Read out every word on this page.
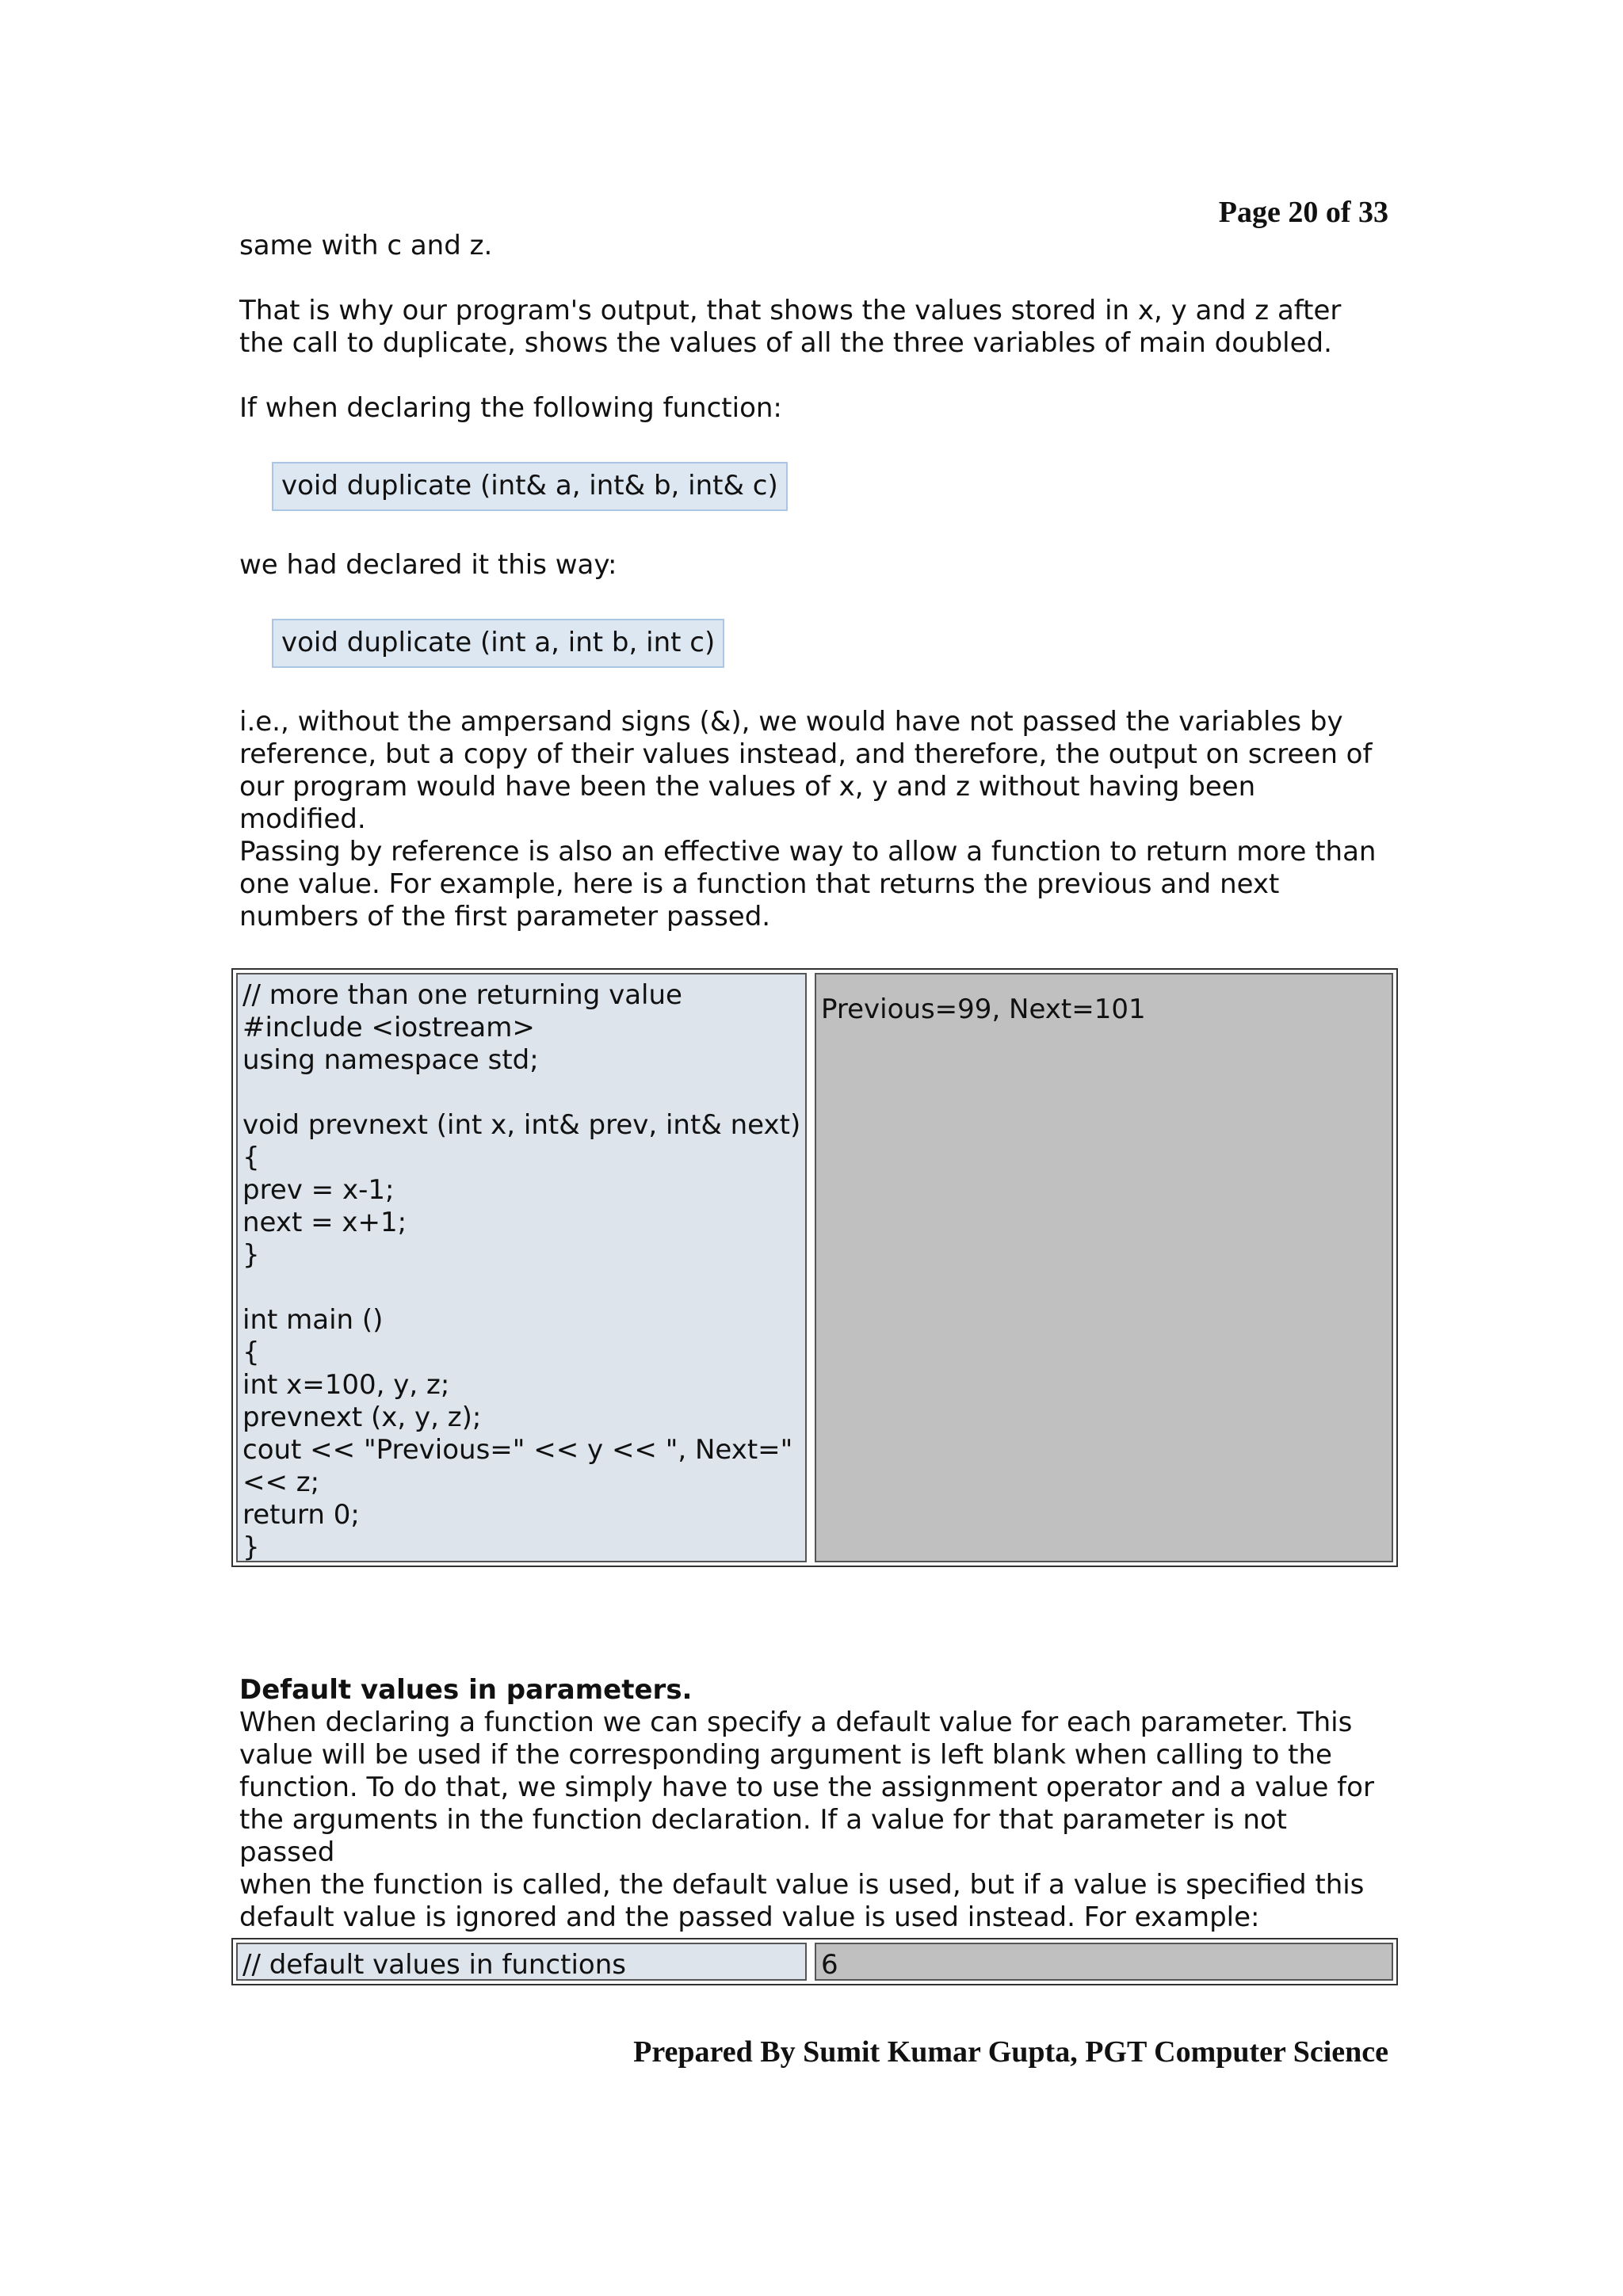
Page 20 of 33

same with c and z.

That is why our program's output, that shows the values stored in x, y and z after
the call to duplicate, shows the values of all the three variables of main doubled.

If when declaring the following function:

void duplicate (int& a, int& b, int& c)

we had declared it this way:

void duplicate (int a, int b, int c)

i.e., without the ampersand signs (&), we would have not passed the variables by
reference, but a copy of their values instead, and therefore, the output on screen of
our program would have been the values of x, y and z without having been modified.

Passing by reference is also an effective way to allow a function to return more than
one value. For example, here is a function that returns the previous and next
numbers of the first parameter passed.

// more than one returning value
#include <iostream>
using namespace std;

void prevnext (int x, int& prev, int& next)
{
prev = x-1;
next = x+1;
}

int main ()
{
int x=100, y, z;
prevnext (x, y, z);
cout << "Previous=" << y << ", Next="
<< z;
return 0;
}
Previous=99, Next=101

Default values in parameters.

When declaring a function we can specify a default value for each parameter. This
value will be used if the corresponding argument is left blank when calling to the
function. To do that, we simply have to use the assignment operator and a value for
the arguments in the function declaration. If a value for that parameter is not passed
when the function is called, the default value is used, but if a value is specified this
default value is ignored and the passed value is used instead. For example:

// default values in functions	6
Prepared By Sumit Kumar Gupta, PGT Computer Science
